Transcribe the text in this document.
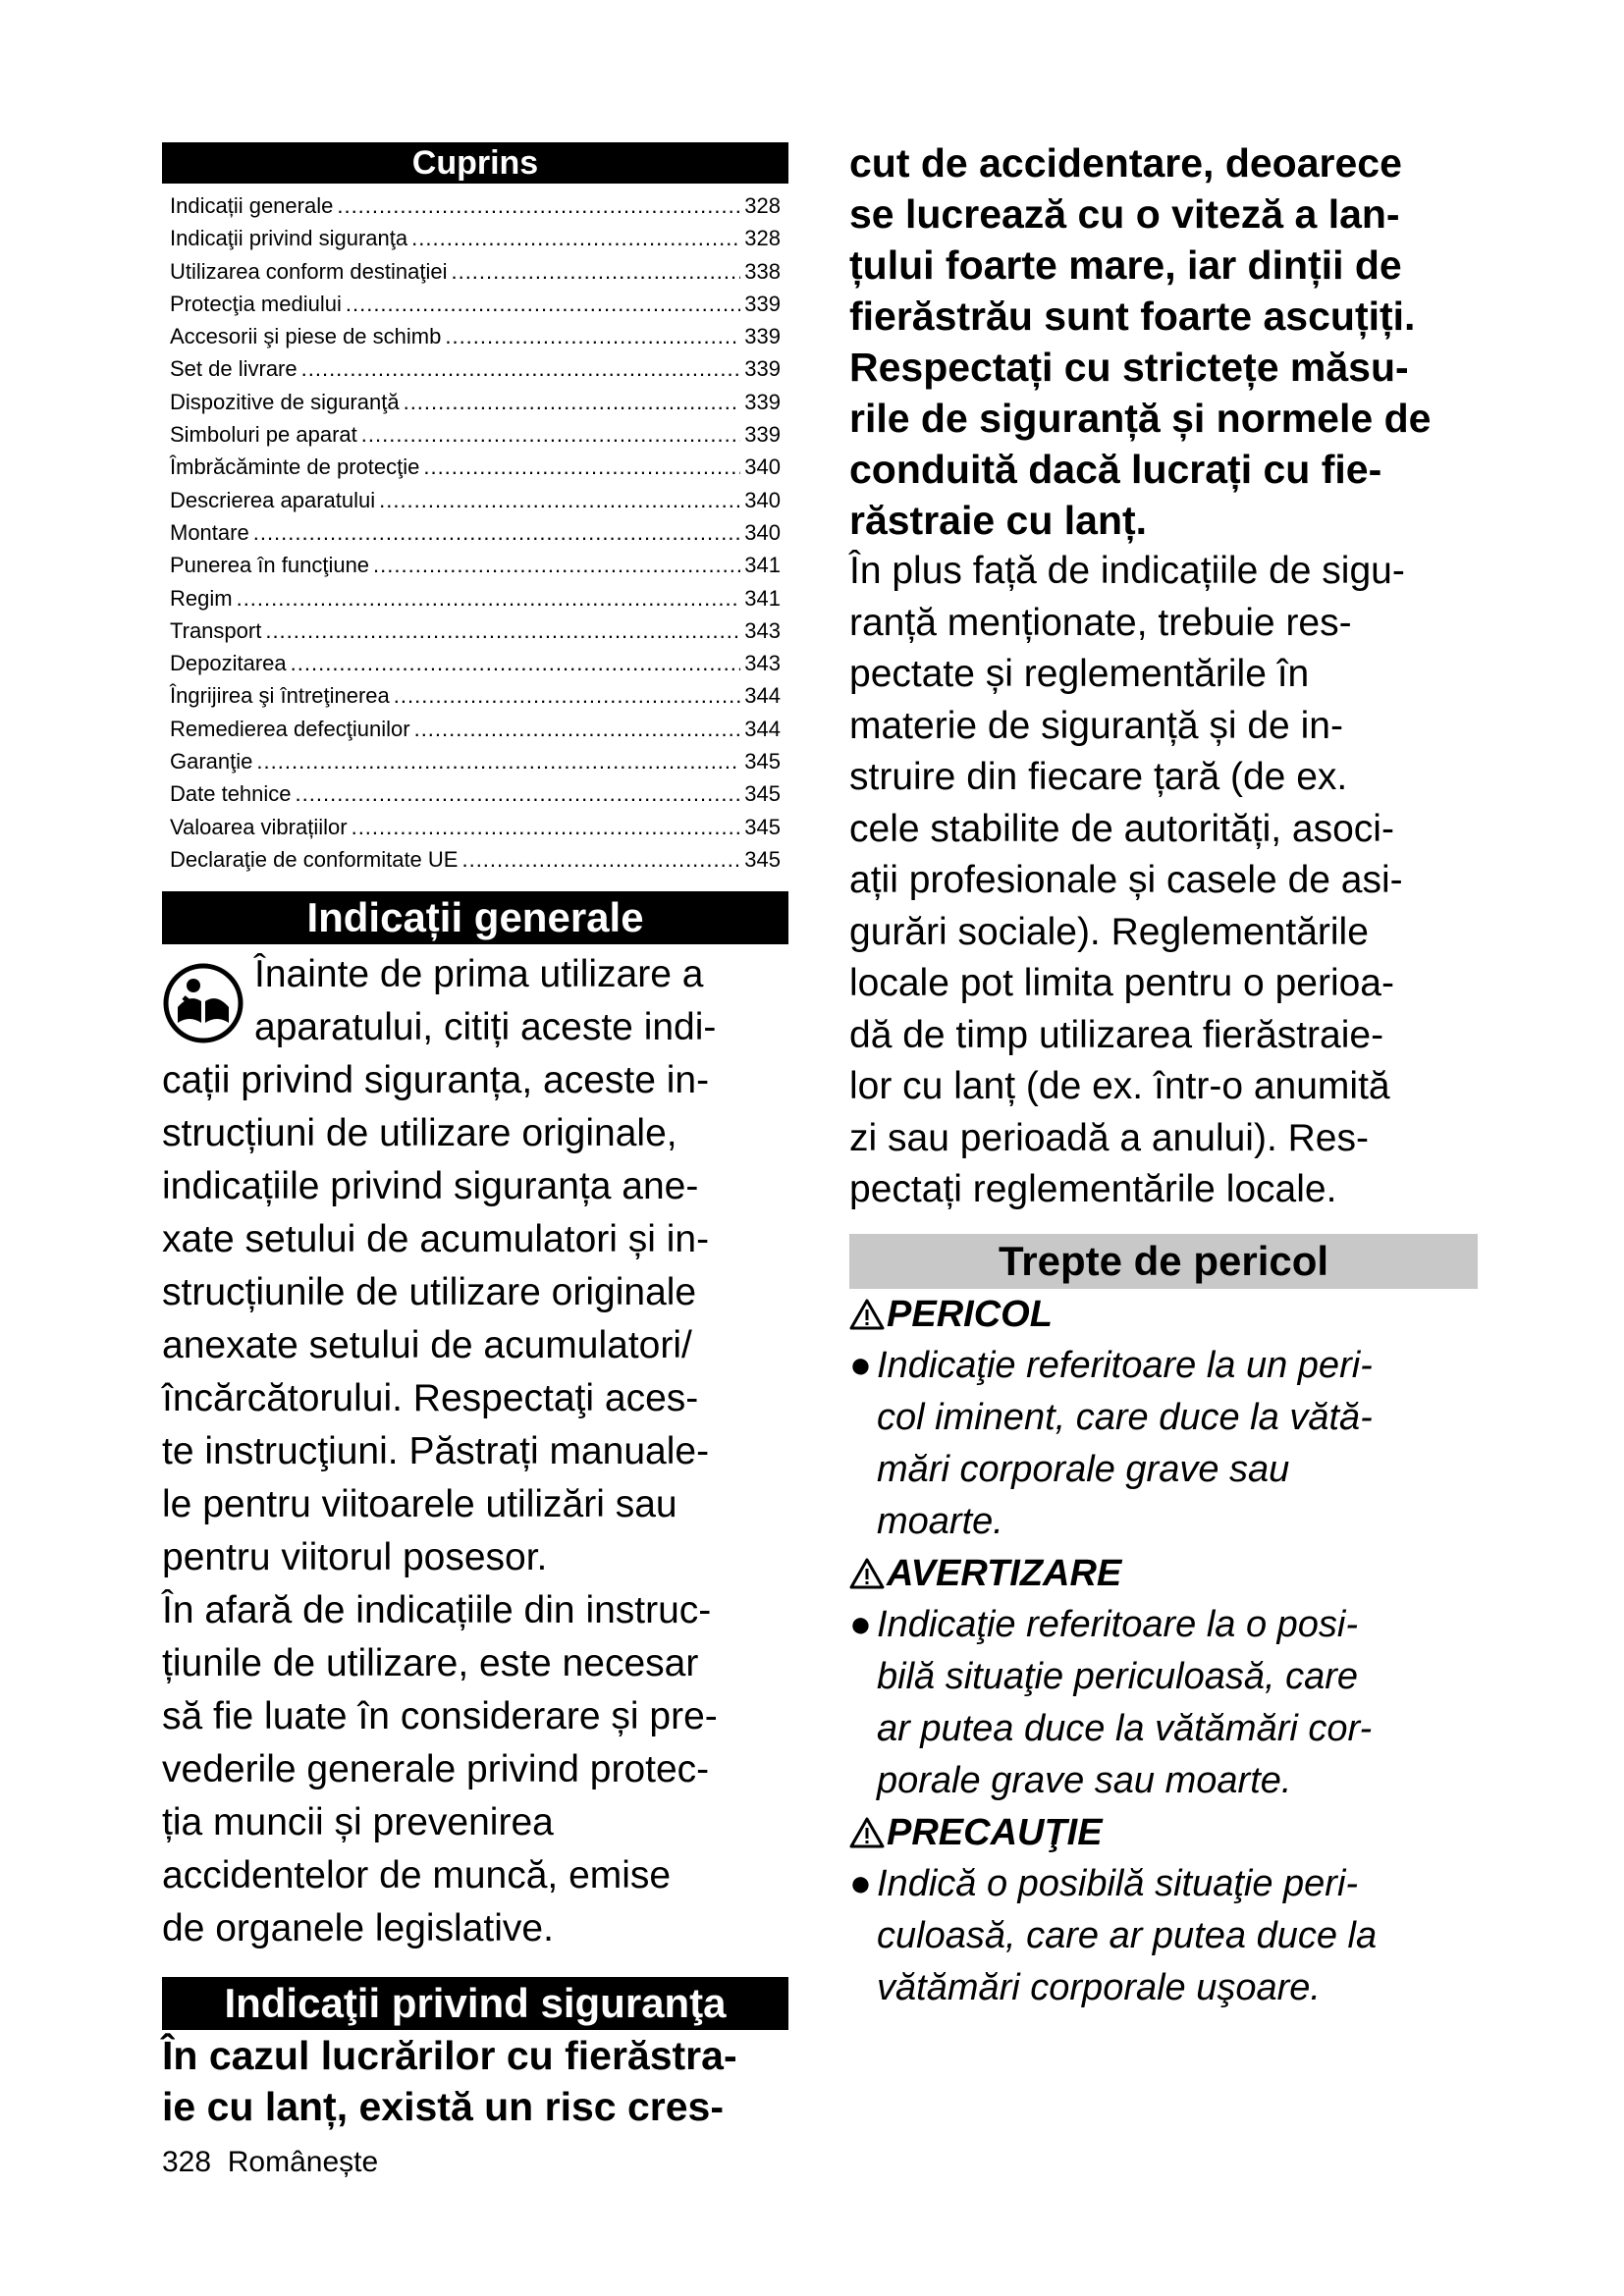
Cuprins
Indicații generale .....	328
Indicaţii privind siguranţa .....	328
Utilizarea conform destinaţiei .....	338
Protecţia mediului .....	339
Accesorii şi piese de schimb .....	339
Set de livrare .....	339
Dispozitive de siguranţă .....	339
Simboluri pe aparat .....	339
Îmbrăcăminte de protecţie .....	340
Descrierea aparatului .....	340
Montare .....	340
Punerea în funcţiune .....	341
Regim .....	341
Transport .....	343
Depozitarea .....	343
Îngrijirea şi întreţinerea .....	344
Remedierea defecţiunilor .....	344
Garanţie .....	345
Date tehnice .....	345
Valoarea vibrațiilor .....	345
Declaraţie de conformitate UE .....	345
Indicații generale

Înainte de prima utilizare a

aparatului, citiți aceste indi-

cații privind siguranța, aceste in-

strucțiuni de utilizare originale,

indicațiile privind siguranța ane-

xate setului de acumulatori și in-

strucțiunile de utilizare originale

anexate setului de acumulatori/

încărcătorului. Respectaţi aces-

te instrucţiuni. Păstrați manuale-

le pentru viitoarele utilizări sau

pentru viitorul posesor.

În afară de indicațiile din instruc-

țiunile de utilizare, este necesar

să fie luate în considerare și pre-

vederile generale privind protec-

ția muncii și prevenirea

accidentelor de muncă, emise

de organele legislative.

Indicaţii privind siguranţa

În cazul lucrărilor cu fierăstra-

ie cu lanț, există un risc cres-

cut de accidentare, deoarece

se lucrează cu o viteză a lan-

țului foarte mare, iar dinții de

fierăstrău sunt foarte ascuțiți.

Respectați cu strictețe măsu-

rile de siguranță și normele de

conduită dacă lucrați cu fie-

răstraie cu lanț.

În plus față de indicațiile de sigu-

ranță menționate, trebuie res-

pectate și reglementările în

materie de siguranță și de in-

struire din fiecare țară (de ex.

cele stabilite de autorități, asoci-

ații profesionale și casele de asi-

gurări sociale). Reglementările

locale pot limita pentru o perioa-

dă de timp utilizarea fierăstraie-

lor cu lanț (de ex. într-o anumită

zi sau perioadă a anului). Res-

pectați reglementările locale.

Trepte de pericol

PERICOL

● Indicaţie referitoare la un peri-

col iminent, care duce la vătă-

mări corporale grave sau

moarte.

AVERTIZARE

● Indicaţie referitoare la o posi-

bilă situaţie periculoasă, care

ar putea duce la vătămări cor-

porale grave sau moarte.

PRECAUŢIE

● Indică o posibilă situaţie peri-

culoasă, care ar putea duce la

vătămări corporale uşoare.

328 Românește
